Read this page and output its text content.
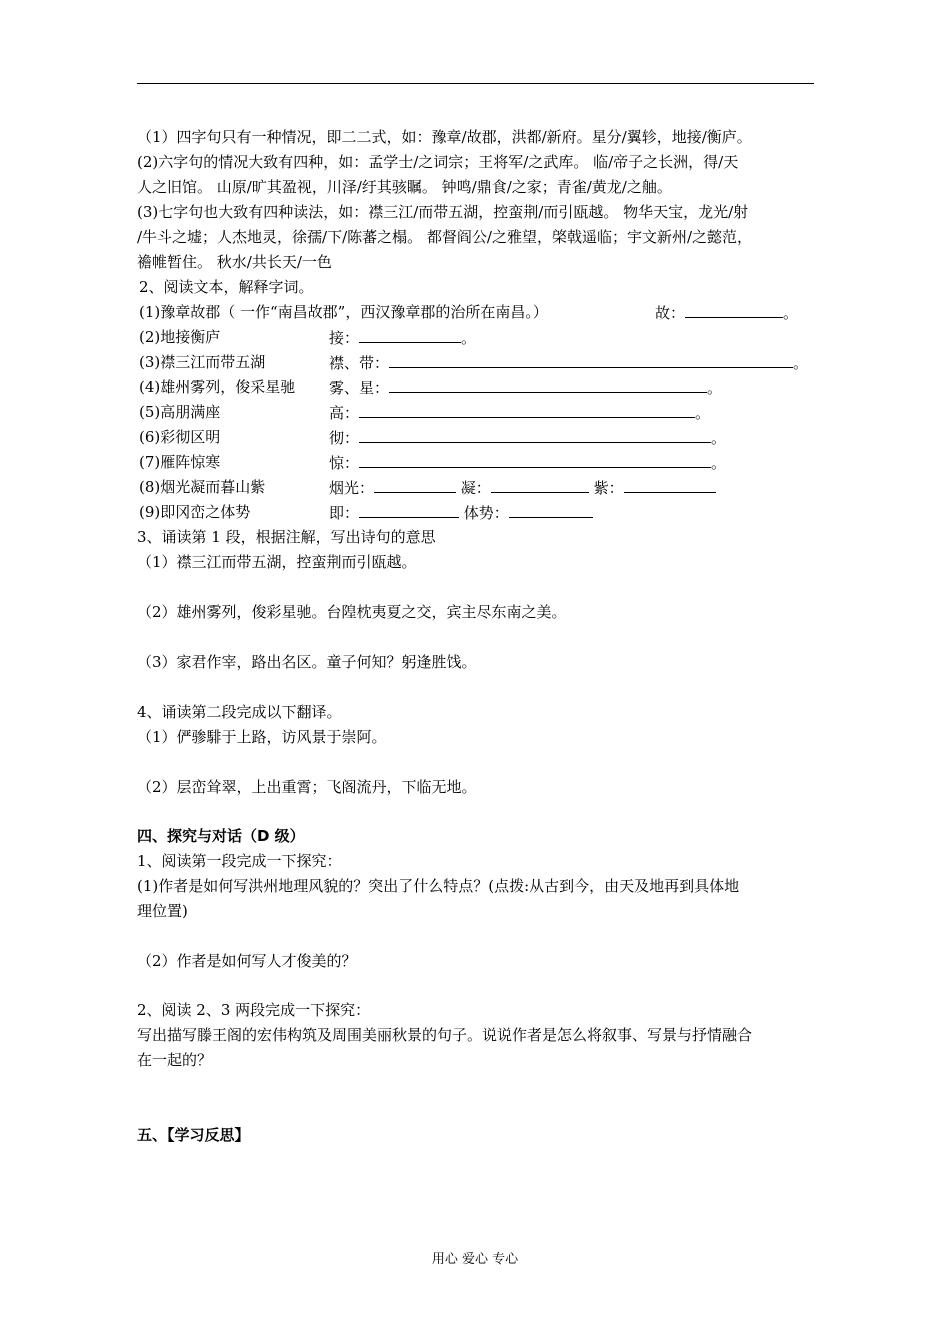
（1）四字句只有一种情况，即二二式，如：豫章/故郡，洪都/新府。星分/翼轸，地接/衡庐。
(2)六字句的情况大致有四种，如：孟学士/之词宗；王将军/之武库。 临/帝子之长洲，得/天
人之旧馆。 山原/旷其盈视，川泽/纡其骇瞩。 钟鸣/鼎食/之家；青雀/黄龙/之舳。
(3)七字句也大致有四种读法，如：襟三江/而带五湖，控蛮荆/而引瓯越。 物华天宝，龙光/射
/牛斗之墟；人杰地灵，徐孺/下/陈蕃之榻。 都督阎公/之雅望，棨戟遥临；宇文新州/之懿范，
襜帷暂住。 秋水/共长天/一色
2、阅读文本，解释字词。
(1)豫章故郡（ 一作“南昌故郡”，西汉豫章郡的治所在南昌。）	故：	。
(2)地接衡庐	接：	。
(3)襟三江而带五湖	襟、带：	。
(4)雄州雾列，俊采星驰 雾、星：	。
(5)高朋满座	高：	。
(6)彩彻区明	彻：	。
(7)雁阵惊寒	惊：	。
(8)烟光凝而暮山紫	烟光：	凝：	紫：
(9)即冈峦之体势	即：	体势：
3、诵读第 1 段，根据注解，写出诗句的意思
（1）襟三江而带五湖，控蛮荆而引瓯越。
（2）雄州雾列，俊彩星驰。台隍枕夷夏之交，宾主尽东南之美。
（3）家君作宰，路出名区。童子何知？躬逢胜饯。
4、诵读第二段完成以下翻译。
（1）俨骖騑于上路，访风景于崇阿。
（2）层峦耸翠，上出重霄；飞阁流丹，下临无地。
四、探究与对话（D 级）
1、阅读第一段完成一下探究：
(1)作者是如何写洪州地理风貌的？突出了什么特点？(点拨:从古到今，由天及地再到具体地
理位置)
（2）作者是如何写人才俊美的？
2、阅读 2、3 两段完成一下探究：
写出描写滕王阁的宏伟构筑及周围美丽秋景的句子。说说作者是怎么将叙事、写景与抒情融合
在一起的？
五、【学习反思】
用心 爱心 专心
